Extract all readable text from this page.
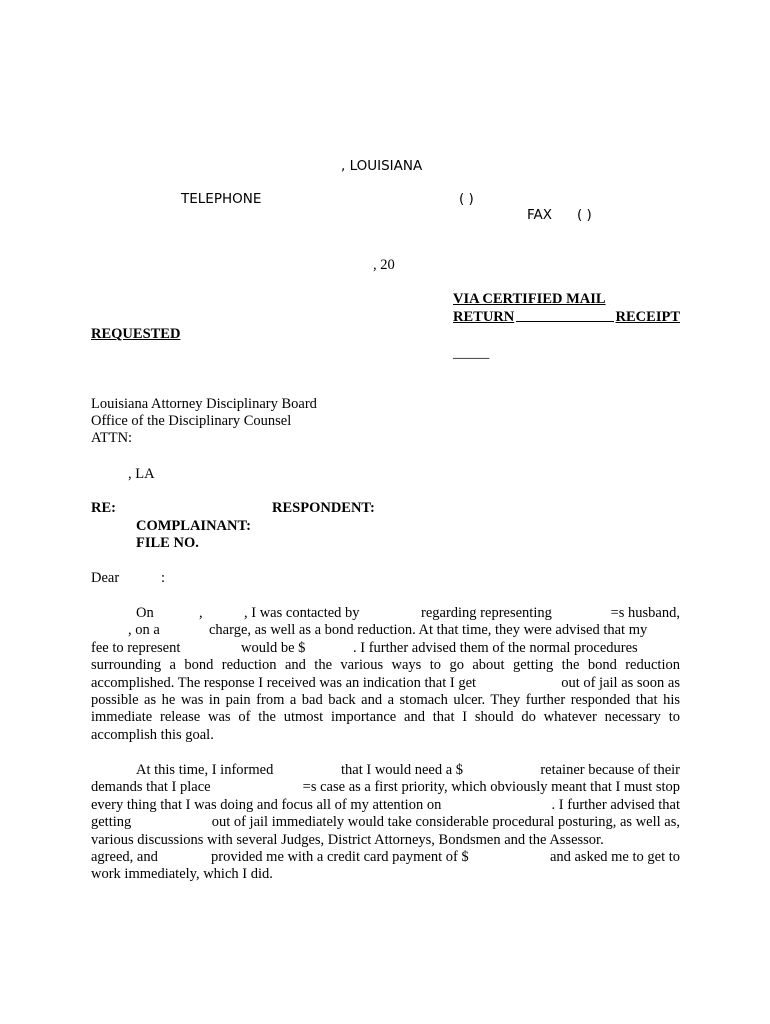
, LOUISIANA
TELEPHONE	( )
FAX ( )
, 20
VIA CERTIFIED MAIL
RETURN	RECEIPT
REQUESTED
_____
Louisiana Attorney Disciplinary Board
Office of the Disciplinary Counsel
ATTN:
, LA
RE:	RESPONDENT:
COMPLAINANT:
FILE NO.
Dear	:
On	,	, I was contacted by	regarding representing	=s husband,
, on a	charge, as well as a bond reduction. At that time, they were advised that my
fee to represent	would be $	. I further advised them of the normal procedures
surrounding a bond reduction and the various ways to go about getting the bond reduction
accomplished. The response I received was an indication that I get	out of jail as soon as
possible as he was in pain from a bad back and a stomach ulcer. They further responded that his
immediate release was of the utmost importance and that I should do whatever necessary to
accomplish this goal.
At this time, I informed	that I would need a $	retainer because of their
demands that I place	=s case as a first priority, which obviously meant that I must stop
every thing that I was doing and focus all of my attention on	. I further advised that
getting	out of jail immediately would take considerable procedural posturing, as well as,
various discussions with several Judges, District Attorneys, Bondsmen and the Assessor.
agreed, and	provided me with a credit card payment of $	and asked me to get to
work immediately, which I did.
